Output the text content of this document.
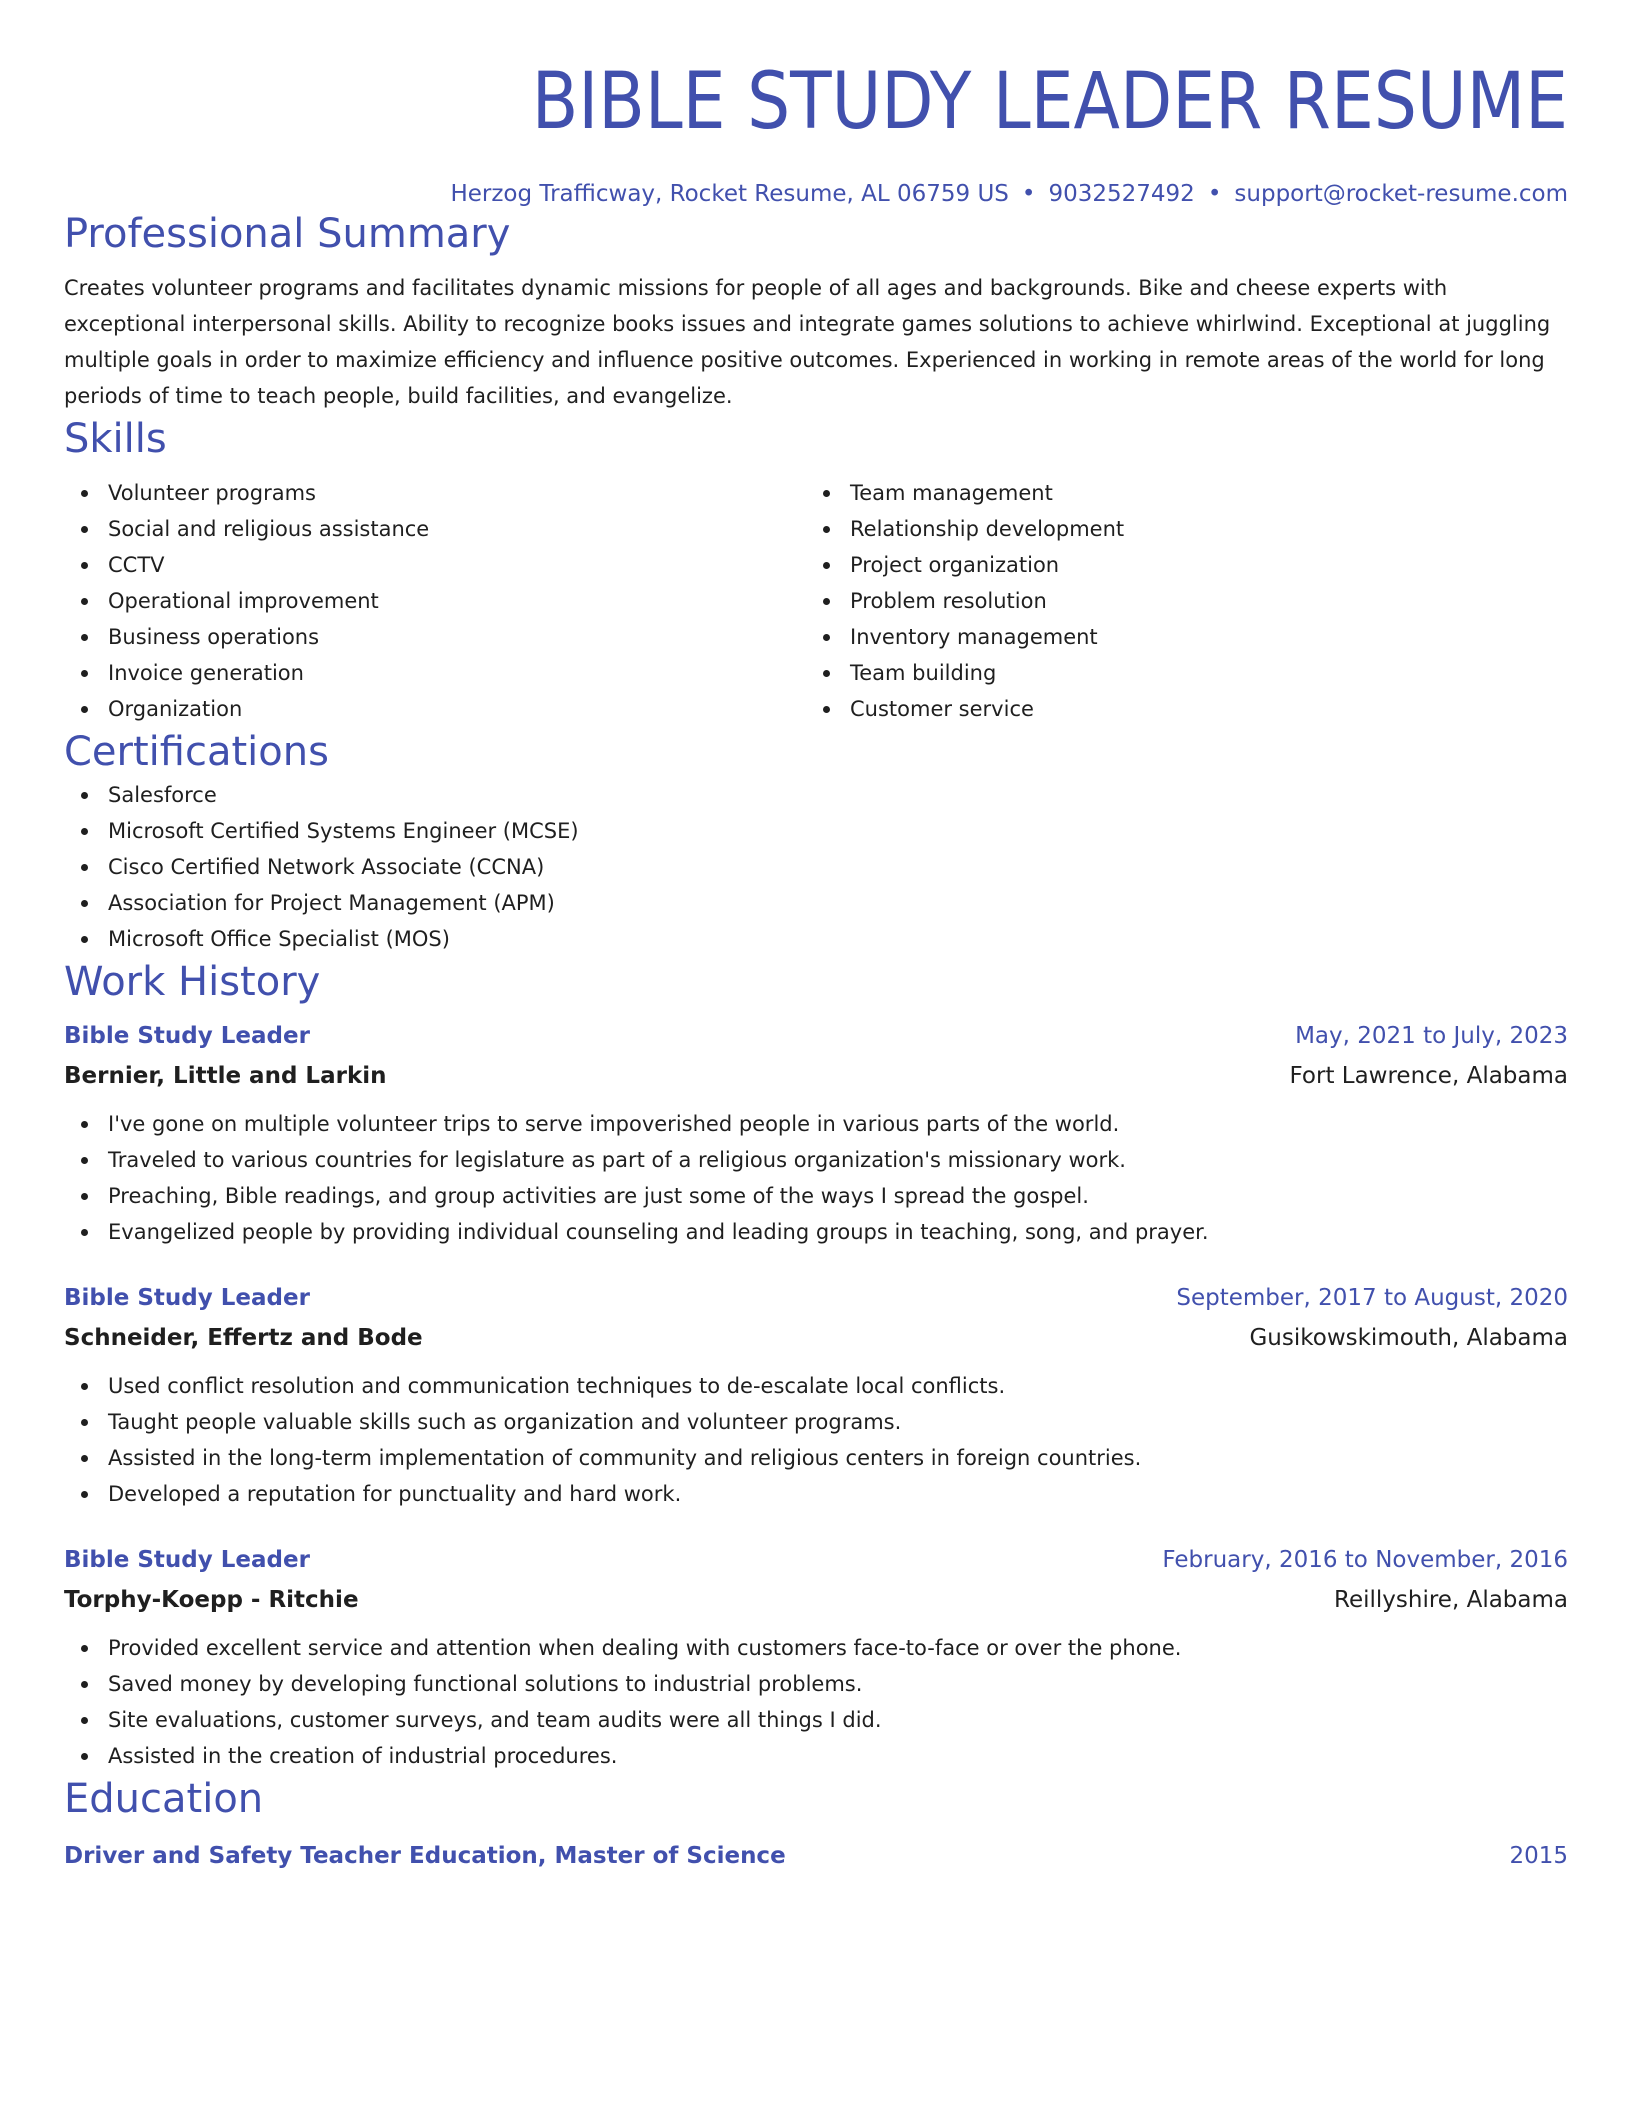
BIBLE STUDY LEADER RESUME
Herzog Trafficway, Rocket Resume, AL 06759 US • 9032527492 • support@rocket-resume.com
Professional Summary
Creates volunteer programs and facilitates dynamic missions for people of all ages and backgrounds. Bike and cheese experts with exceptional interpersonal skills. Ability to recognize books issues and integrate games solutions to achieve whirlwind. Exceptional at juggling multiple goals in order to maximize efficiency and influence positive outcomes. Experienced in working in remote areas of the world for long periods of time to teach people, build facilities, and evangelize.
Skills
Volunteer programs
Social and religious assistance
CCTV
Operational improvement
Business operations
Invoice generation
Organization
Team management
Relationship development
Project organization
Problem resolution
Inventory management
Team building
Customer service
Certifications
Salesforce
Microsoft Certified Systems Engineer (MCSE)
Cisco Certified Network Associate (CCNA)
Association for Project Management (APM)
Microsoft Office Specialist (MOS)
Work History
Bible Study Leader	May, 2021 to July, 2023
Bernier, Little and Larkin	Fort Lawrence, Alabama
I've gone on multiple volunteer trips to serve impoverished people in various parts of the world.
Traveled to various countries for legislature as part of a religious organization's missionary work.
Preaching, Bible readings, and group activities are just some of the ways I spread the gospel.
Evangelized people by providing individual counseling and leading groups in teaching, song, and prayer.
Bible Study Leader	September, 2017 to August, 2020
Schneider, Effertz and Bode	Gusikowskimouth, Alabama
Used conflict resolution and communication techniques to de-escalate local conflicts.
Taught people valuable skills such as organization and volunteer programs.
Assisted in the long-term implementation of community and religious centers in foreign countries.
Developed a reputation for punctuality and hard work.
Bible Study Leader	February, 2016 to November, 2016
Torphy-Koepp - Ritchie	Reillyshire, Alabama
Provided excellent service and attention when dealing with customers face-to-face or over the phone.
Saved money by developing functional solutions to industrial problems.
Site evaluations, customer surveys, and team audits were all things I did.
Assisted in the creation of industrial procedures.
Education
Driver and Safety Teacher Education, Master of Science	2015
